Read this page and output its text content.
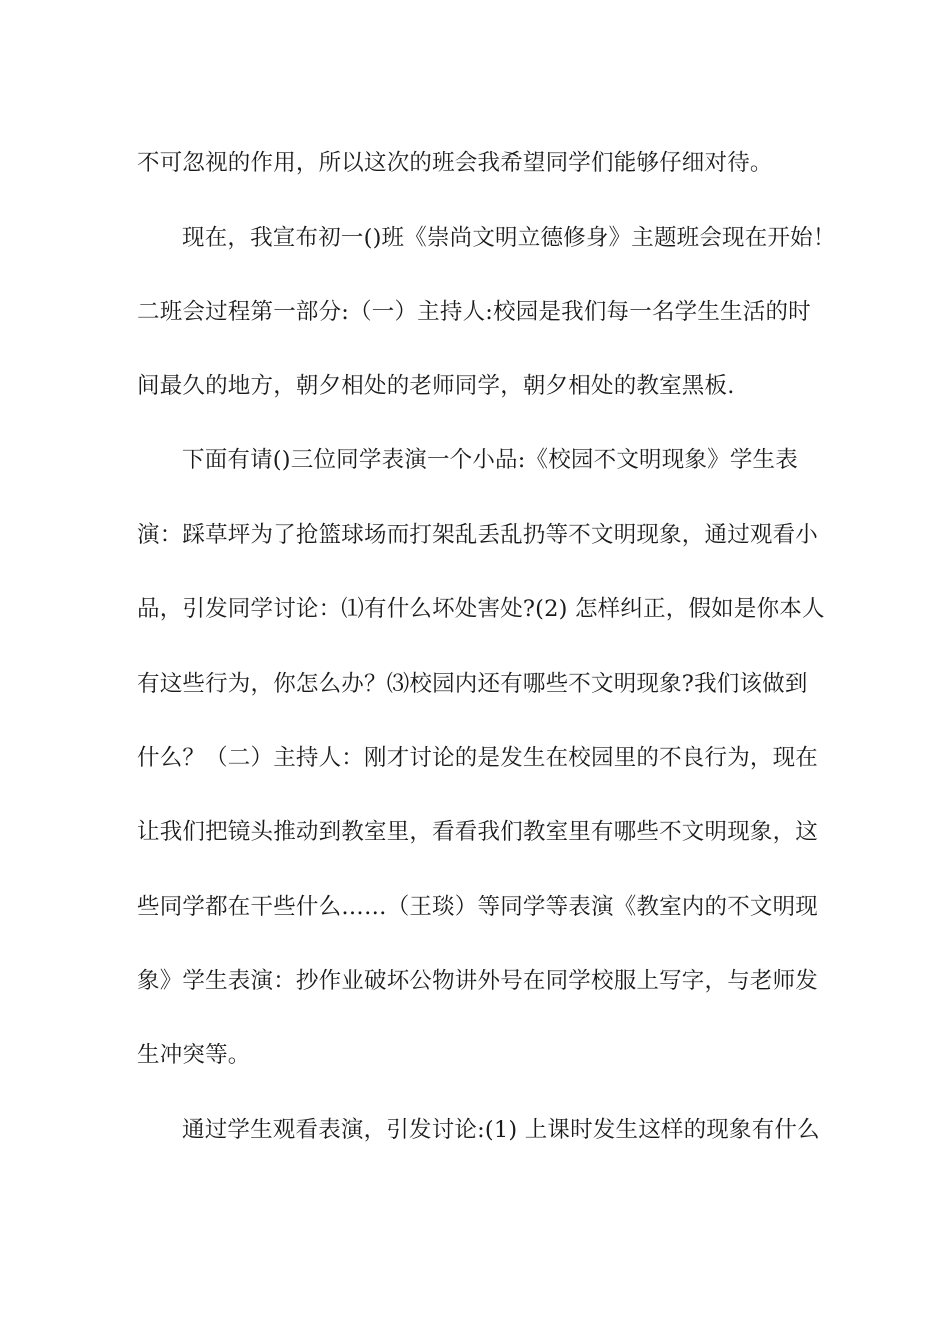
不可忽视的作用，所以这次的班会我希望同学们能够仔细对待。
现在，我宣布初一()班《崇尚文明立德修身》主题班会现在开始！
二班会过程第一部分:（一）主持人:校园是我们每一名学生生活的时
间最久的地方，朝夕相处的老师同学，朝夕相处的教室黑板.
下面有请()三位同学表演一个小品:《校园不文明现象》学生表
演：踩草坪为了抢篮球场而打架乱丢乱扔等不文明现象，通过观看小
品，引发同学讨论：⑴有什么坏处害处?(2) 怎样纠正，假如是你本人
有这些行为，你怎么办？⑶校园内还有哪些不文明现象?我们该做到
什么？（二）主持人：刚才讨论的是发生在校园里的不良行为，现在
让我们把镜头推动到教室里，看看我们教室里有哪些不文明现象，这
些同学都在干些什么……（王琰）等同学等表演《教室内的不文明现
象》学生表演：抄作业破坏公物讲外号在同学校服上写字，与老师发
生冲突等。
通过学生观看表演，引发讨论:(1) 上课时发生这样的现象有什么
